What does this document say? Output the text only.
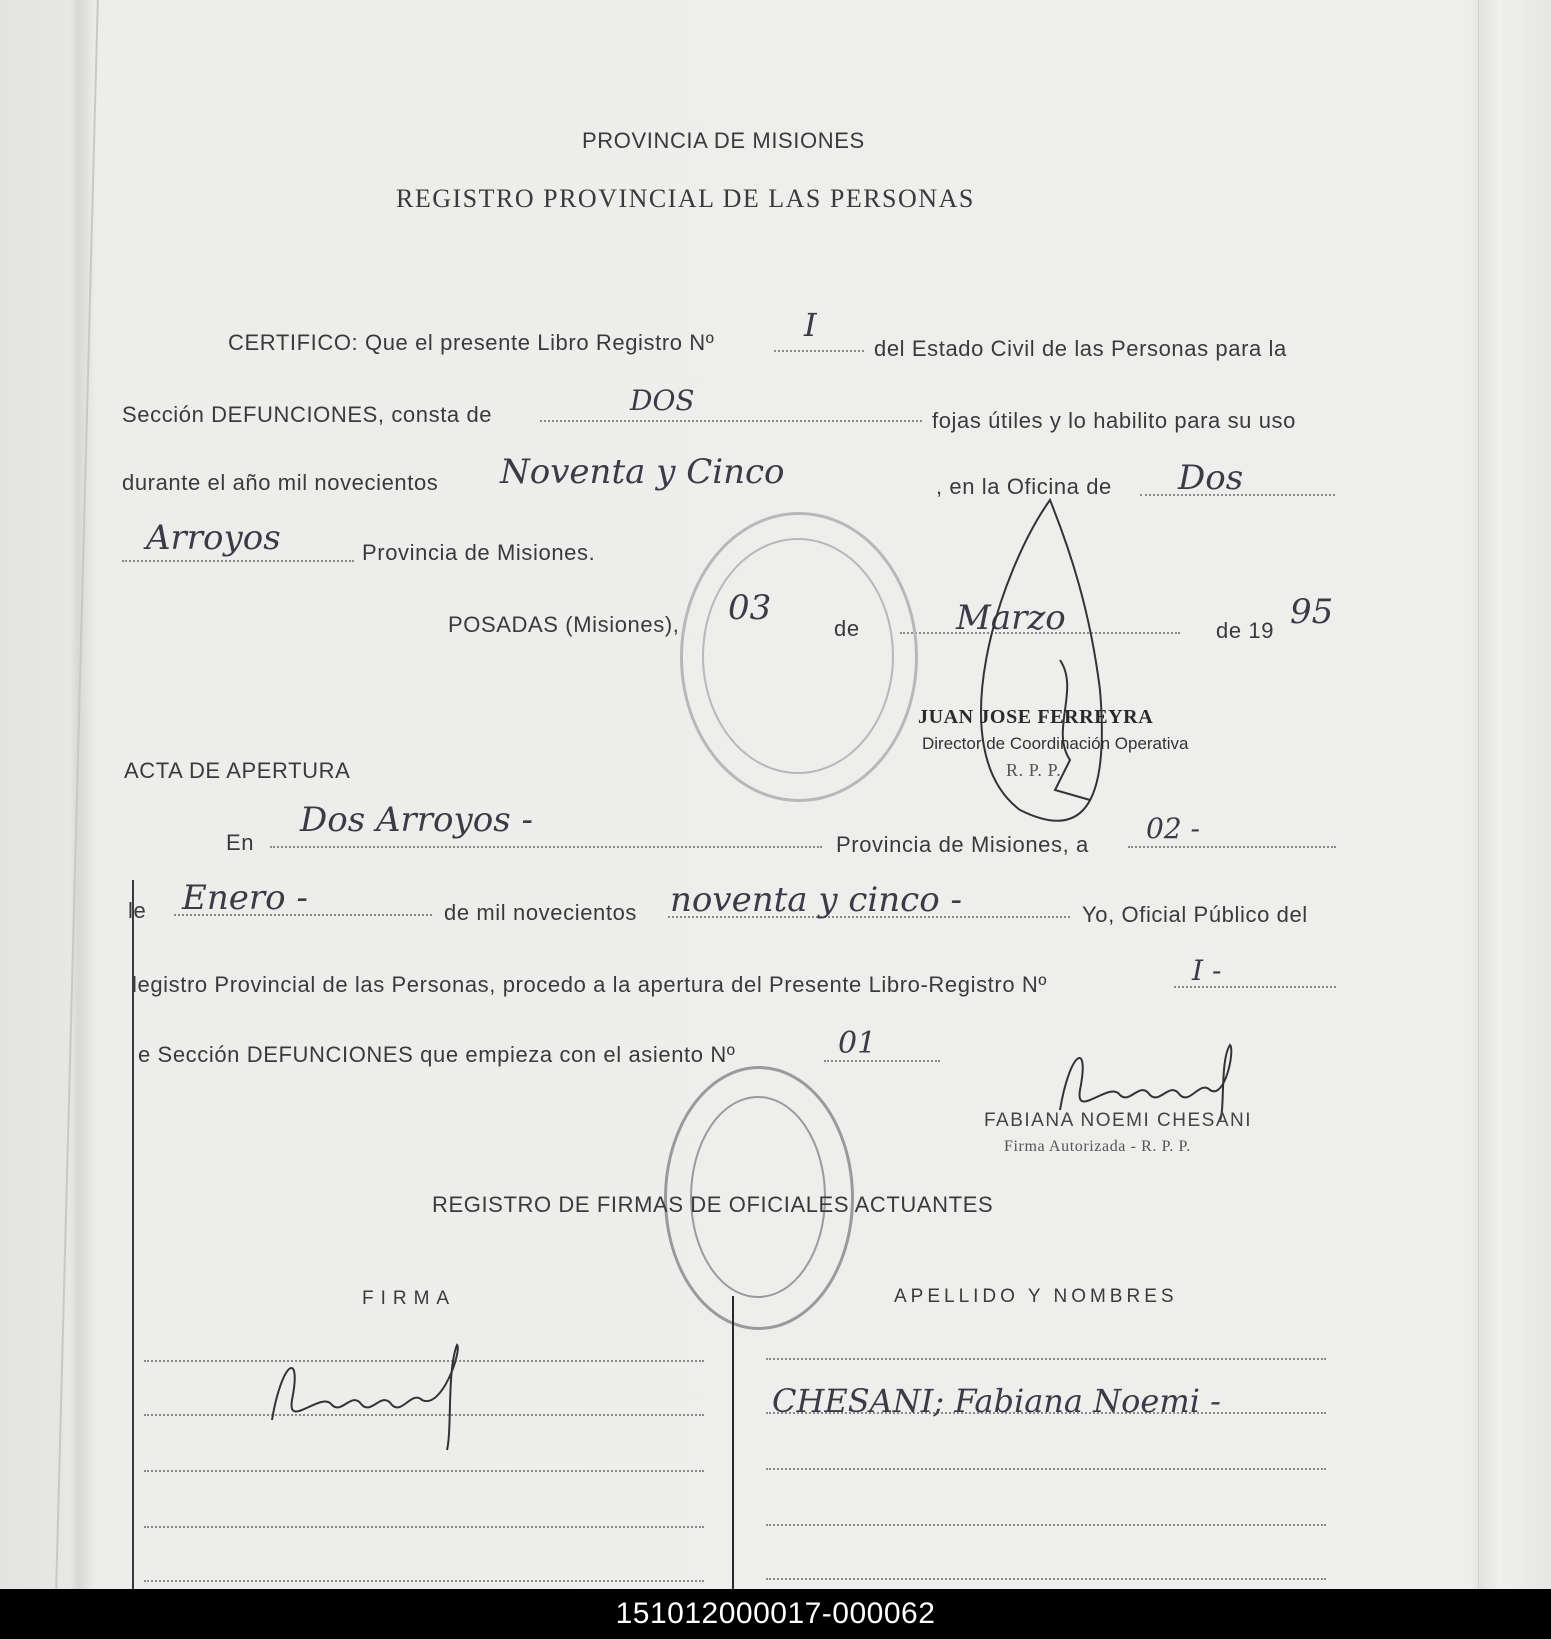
PROVINCIA DE MISIONES
REGISTRO PROVINCIAL DE LAS PERSONAS
CERTIFICO: Que el presente Libro Registro Nº	I
del Estado Civil de las Personas para la
Sección DEFUNCIONES, consta de	DOS
fojas útiles y lo habilito para su uso
durante el año mil novecientos Noventa y Cinco	, en la Oficina de Dos
Arroyos	Provincia de Misiones.
POSADAS (Misiones), 03
de	Marzo	de 19 95
JUAN JOSE FERREYRA
Director de Coordinación Operativa
R. P. P.
ACTA DE APERTURA
En
Dos Arroyos -
Provincia de Misiones, a 02 -
le Enero -	de mil novecientos noventa y cinco -	Yo, Oficial Público del
legistro Provincial de las Personas, procedo a la apertura del Presente Libro-Registro Nº	I -
e Sección DEFUNCIONES que empieza con el asiento Nº	01
FABIANA NOEMI CHESANI
Firma Autorizada - R. P. P.
REGISTRO DE FIRMAS DE OFICIALES ACTUANTES
FIRMA	APELLIDO Y NOMBRES
CHESANI; Fabiana Noemi -
151012000017-000062
